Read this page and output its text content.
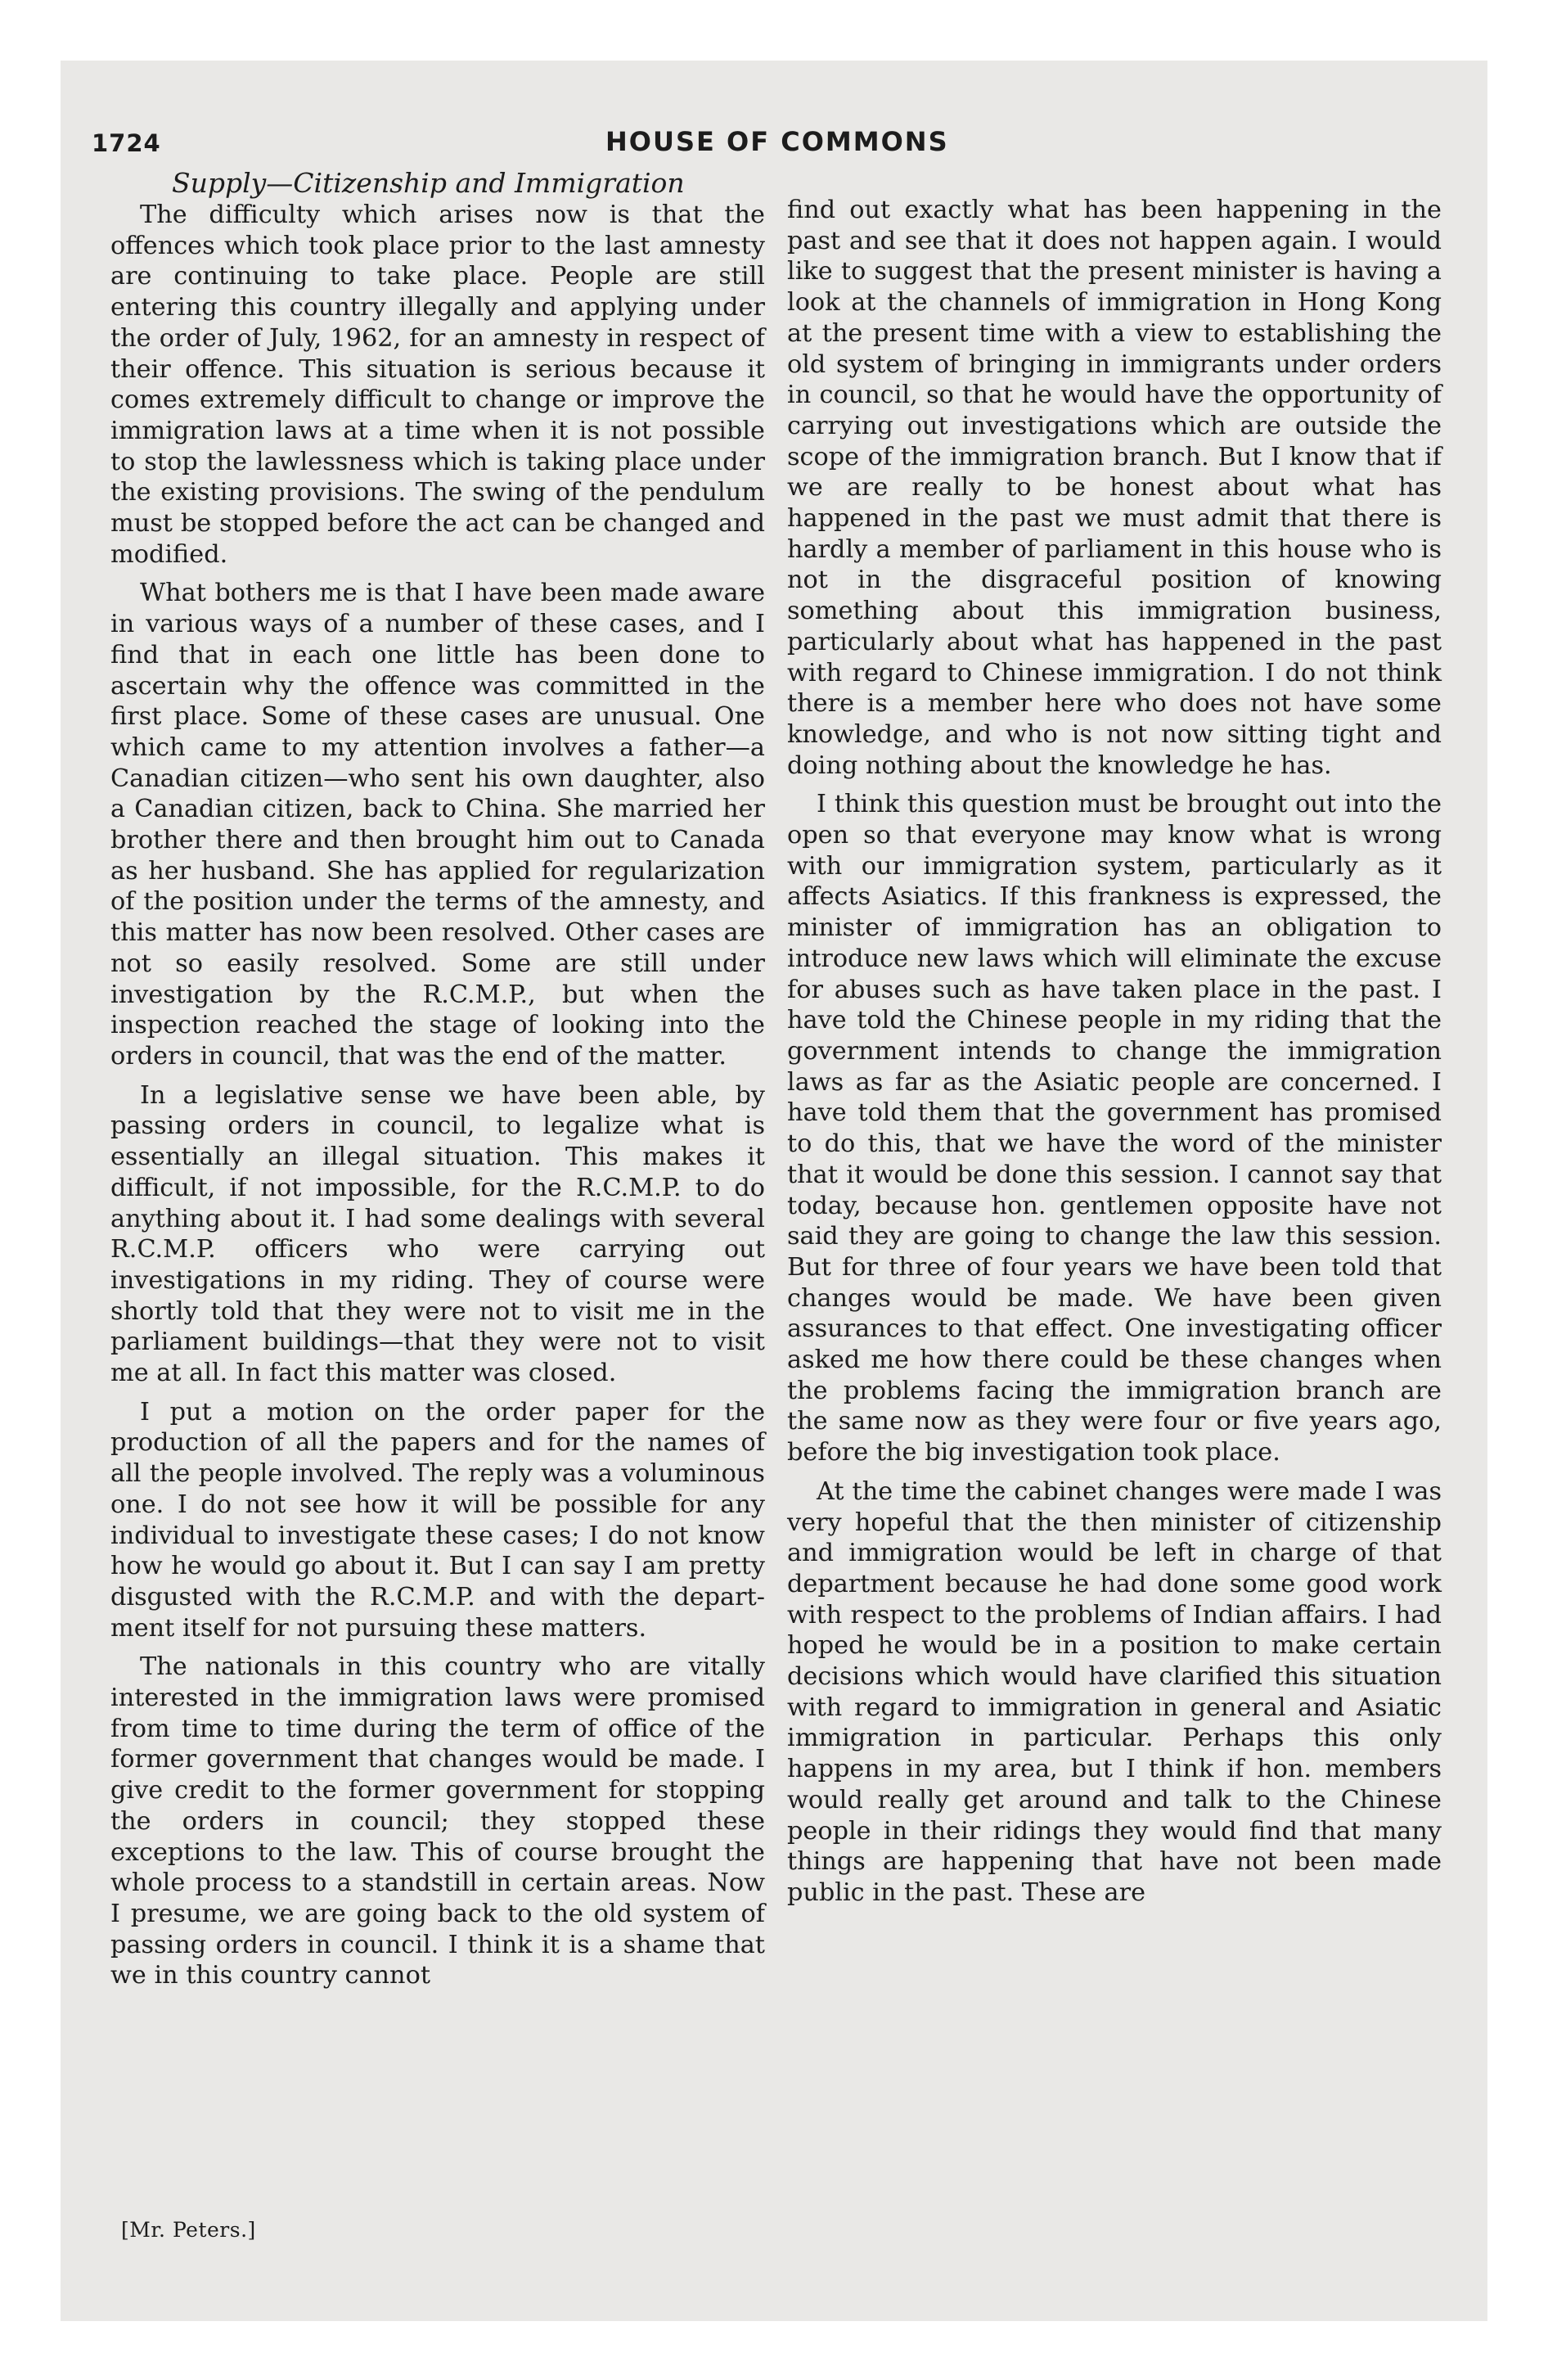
1724	HOUSE OF COMMONS
Supply—Citizenship and Immigration

The difficulty which arises now is that the offences which took place prior to the last amnesty are continuing to take place. People are still entering this country illegally and applying under the order of July, 1962, for an amnesty in respect of their offence. This situation is serious because it comes extremely difficult to change or improve the immigration laws at a time when it is not possible to stop the lawlessness which is taking place under the existing provisions. The swing of the pendulum must be stopped before the act can be changed and modified.

What bothers me is that I have been made aware in various ways of a number of these cases, and I find that in each one little has been done to ascertain why the offence was committed in the first place. Some of these cases are unusual. One which came to my attention involves a father—a Canadian citizen—who sent his own daughter, also a Canadian citizen, back to China. She married her brother there and then brought him out to Canada as her husband. She has applied for regularization of the position under the terms of the amnesty, and this matter has now been resolved. Other cases are not so easily resolved. Some are still under investigation by the R.C.M.P., but when the inspection reached the stage of looking into the orders in council, that was the end of the matter.

In a legislative sense we have been able, by passing orders in council, to legalize what is essentially an illegal situation. This makes it difficult, if not impossible, for the R.C.M.P. to do anything about it. I had some dealings with several R.C.M.P. officers who were carrying out investigations in my riding. They of course were shortly told that they were not to visit me in the parliament buildings—that they were not to visit me at all. In fact this matter was closed.

I put a motion on the order paper for the production of all the papers and for the names of all the people involved. The reply was a voluminous one. I do not see how it will be possible for any individual to investigate these cases; I do not know how he would go about it. But I can say I am pretty disgusted with the R.C.M.P. and with the department itself for not pursuing these matters.

The nationals in this country who are vitally interested in the immigration laws were promised from time to time during the term of office of the former government that changes would be made. I give credit to the former government for stopping the orders in council; they stopped these exceptions to the law. This of course brought the whole process to a standstill in certain areas. Now I presume, we are going back to the old system of passing orders in council. I think it is a shame that we in this country cannot

find out exactly what has been happening in the past and see that it does not happen again. I would like to suggest that the present minister is having a look at the channels of immigration in Hong Kong at the present time with a view to establishing the old system of bringing in immigrants under orders in council, so that he would have the opportunity of carrying out investigations which are outside the scope of the immigration branch. But I know that if we are really to be honest about what has happened in the past we must admit that there is hardly a member of parliament in this house who is not in the disgraceful position of knowing something about this immigration business, particularly about what has happened in the past with regard to Chinese immigration. I do not think there is a member here who does not have some knowledge, and who is not now sitting tight and doing nothing about the knowledge he has.

I think this question must be brought out into the open so that everyone may know what is wrong with our immigration system, particularly as it affects Asiatics. If this frankness is expressed, the minister of immigration has an obligation to introduce new laws which will eliminate the excuse for abuses such as have taken place in the past. I have told the Chinese people in my riding that the government intends to change the immigration laws as far as the Asiatic people are concerned. I have told them that the government has promised to do this, that we have the word of the minister that it would be done this session. I cannot say that today, because hon. gentlemen opposite have not said they are going to change the law this session. But for three of four years we have been told that changes would be made. We have been given assurances to that effect. One investigating officer asked me how there could be these changes when the problems facing the immigration branch are the same now as they were four or five years ago, before the big investigation took place.

At the time the cabinet changes were made I was very hopeful that the then minister of citizenship and immigration would be left in charge of that department because he had done some good work with respect to the problems of Indian affairs. I had hoped he would be in a position to make certain decisions which would have clarified this situation with regard to immigration in general and Asiatic immigration in particular. Perhaps this only happens in my area, but I think if hon. members would really get around and talk to the Chinese people in their ridings they would find that many things are happening that have not been made public in the past. These are

[Mr. Peters.]
